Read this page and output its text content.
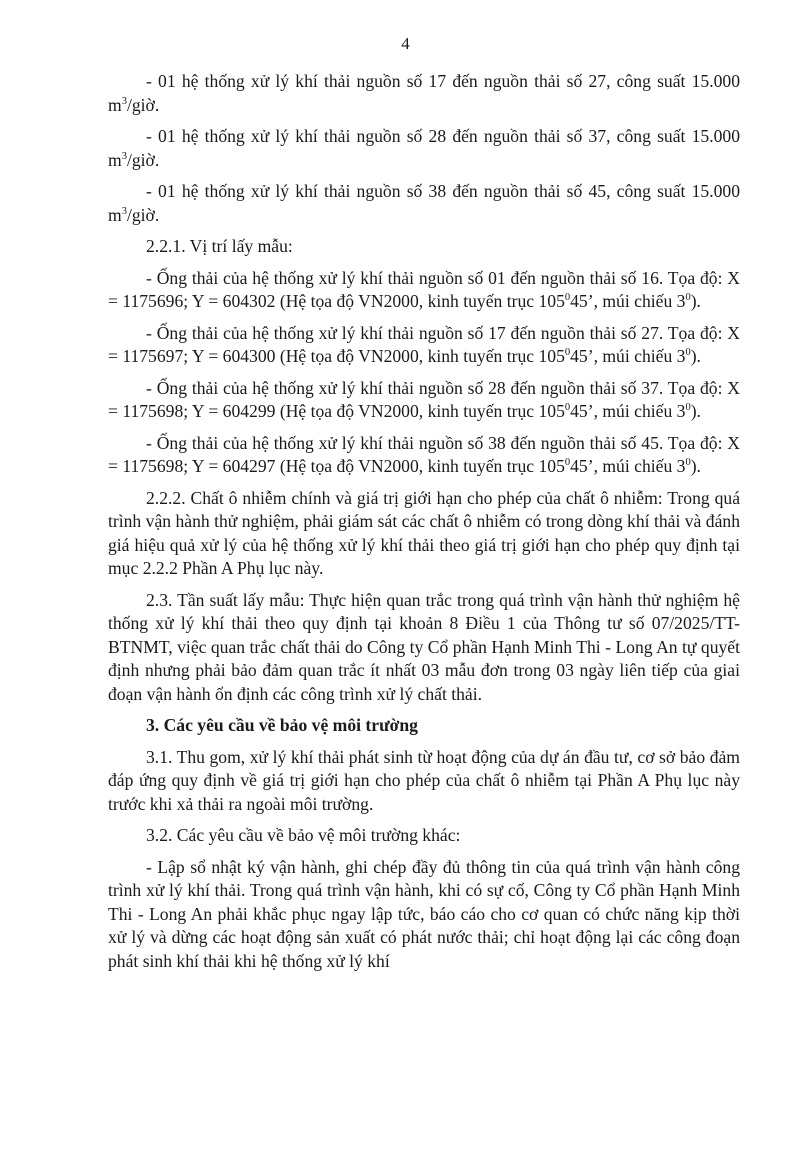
4

- 01 hệ thống xử lý khí thải nguồn số 17 đến nguồn thải số 27, công suất 15.000 $m^3$/giờ.

- 01 hệ thống xử lý khí thải nguồn số 28 đến nguồn thải số 37, công suất 15.000 $m^3$/giờ.

- 01 hệ thống xử lý khí thải nguồn số 38 đến nguồn thải số 45, công suất 15.000 $m^3$/giờ.

2.2.1. Vị trí lấy mẫu:

- Ống thải của hệ thống xử lý khí thải nguồn số 01 đến nguồn thải số 16. Tọa độ: X = 1175696; Y = 604302 (Hệ tọa độ VN2000, kinh tuyến trục $105^045$’, múi chiếu $3^0$).

- Ống thải của hệ thống xử lý khí thải nguồn số 17 đến nguồn thải số 27. Tọa độ: X = 1175697; Y = 604300 (Hệ tọa độ VN2000, kinh tuyến trục $105^045$’, múi chiếu $3^0$).

- Ống thải của hệ thống xử lý khí thải nguồn số 28 đến nguồn thải số 37. Tọa độ: X = 1175698; Y = 604299 (Hệ tọa độ VN2000, kinh tuyến trục $105^045$’, múi chiếu $3^0$).

- Ống thải của hệ thống xử lý khí thải nguồn số 38 đến nguồn thải số 45. Tọa độ: X = 1175698; Y = 604297 (Hệ tọa độ VN2000, kinh tuyến trục $105^045$’, múi chiếu $3^0$).

2.2.2. Chất ô nhiễm chính và giá trị giới hạn cho phép của chất ô nhiễm: Trong quá trình vận hành thử nghiệm, phải giám sát các chất ô nhiễm có trong dòng khí thải và đánh giá hiệu quả xử lý của hệ thống xử lý khí thải theo giá trị giới hạn cho phép quy định tại mục 2.2.2 Phần A Phụ lục này.

2.3. Tần suất lấy mẫu: Thực hiện quan trắc trong quá trình vận hành thử nghiệm hệ thống xử lý khí thải theo quy định tại khoản 8 Điều 1 của Thông tư số 07/2025/TT-BTNMT, việc quan trắc chất thải do Công ty Cổ phần Hạnh Minh Thi - Long An tự quyết định nhưng phải bảo đảm quan trắc ít nhất 03 mẫu đơn trong 03 ngày liên tiếp của giai đoạn vận hành ổn định các công trình xử lý chất thải.

3. Các yêu cầu về bảo vệ môi trường

3.1. Thu gom, xử lý khí thải phát sinh từ hoạt động của dự án đầu tư, cơ sở bảo đảm đáp ứng quy định về giá trị giới hạn cho phép của chất ô nhiễm tại Phần A Phụ lục này trước khi xả thải ra ngoài môi trường.

3.2. Các yêu cầu về bảo vệ môi trường khác:

- Lập sổ nhật ký vận hành, ghi chép đầy đủ thông tin của quá trình vận hành công trình xử lý khí thải. Trong quá trình vận hành, khi có sự cố, Công ty Cổ phần Hạnh Minh Thi - Long An phải khắc phục ngay lập tức, báo cáo cho cơ quan có chức năng kịp thời xử lý và dừng các hoạt động sản xuất có phát nước thải; chỉ hoạt động lại các công đoạn phát sinh khí thải khi hệ thống xử lý khí
